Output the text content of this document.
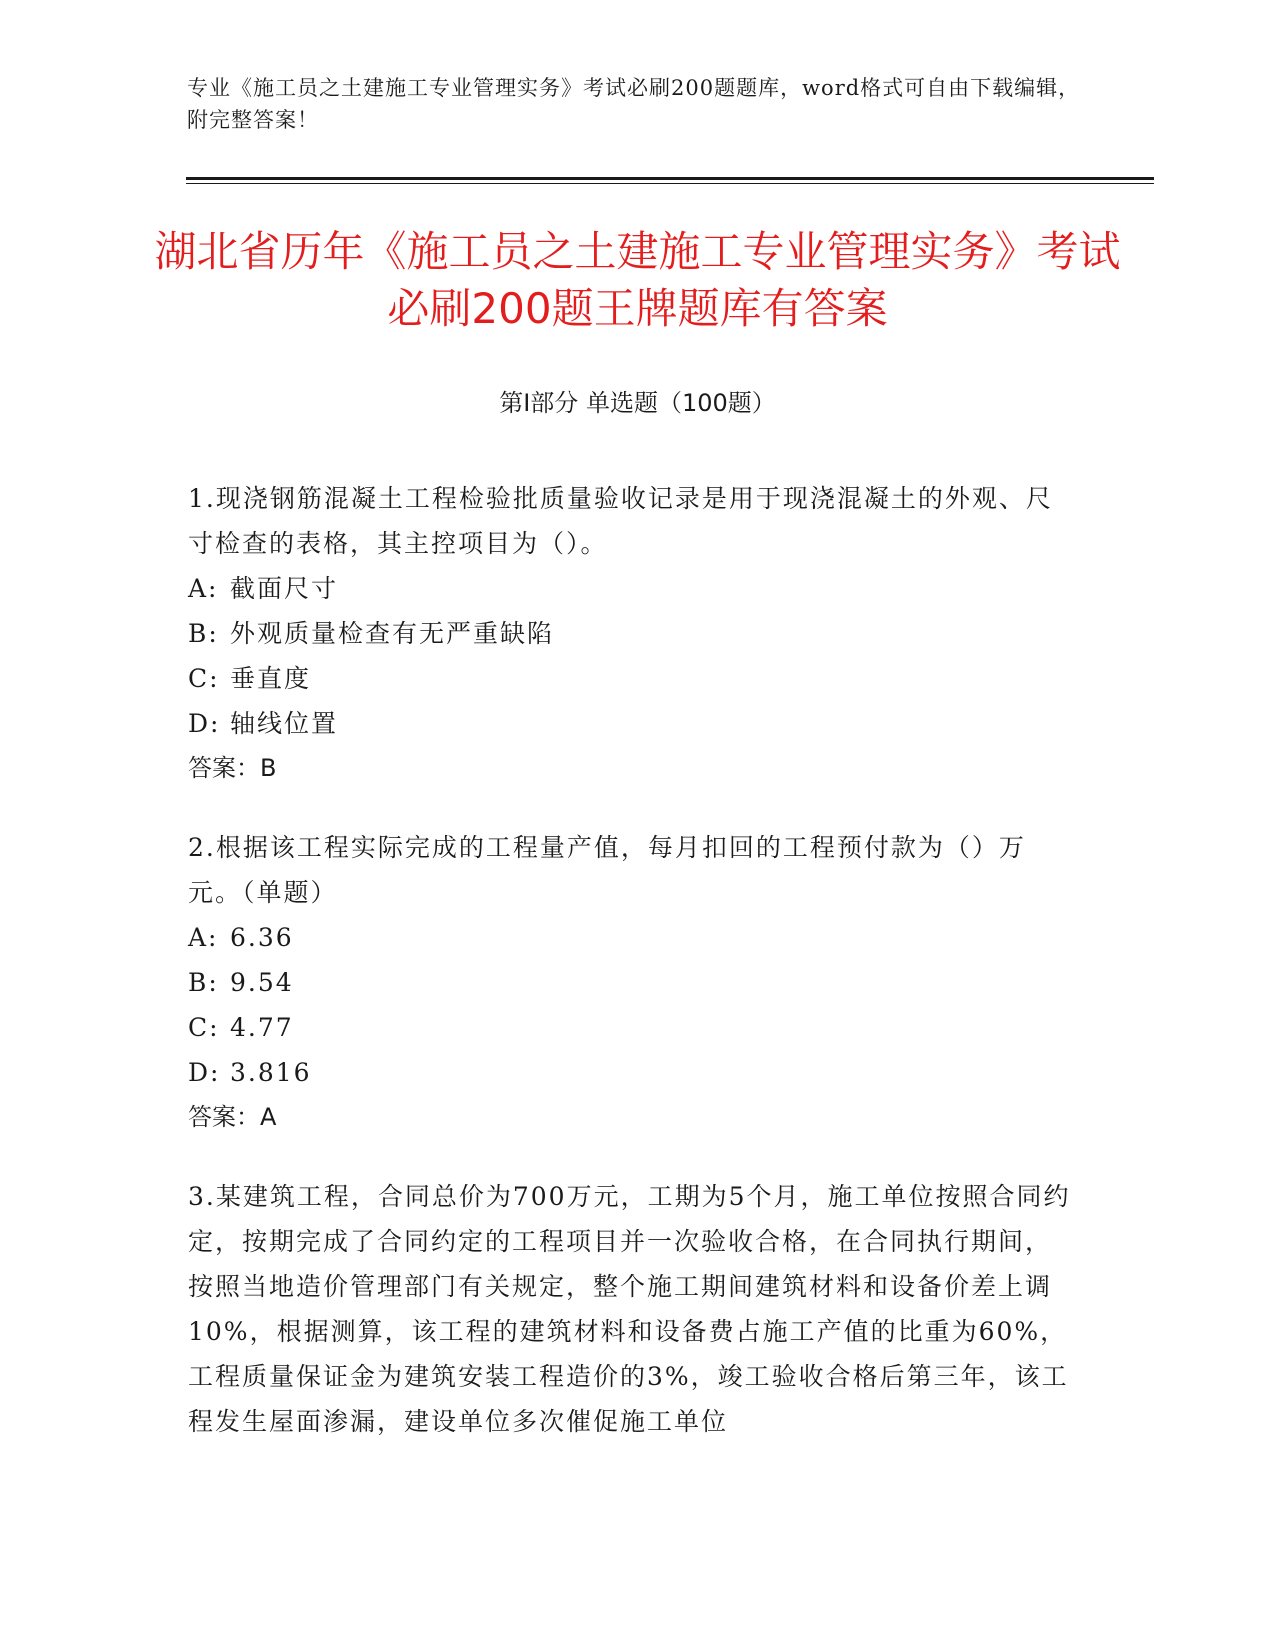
专业《施工员之土建施工专业管理实务》考试必刷200题题库，word格式可自由下载编辑，附完整答案！
湖北省历年《施工员之土建施工专业管理实务》考试必刷200题王牌题库有答案
第I部分 单选题（100题）

1.现浇钢筋混凝土工程检验批质量验收记录是用于现浇混凝土的外观、尺寸检查的表格，其主控项目为（）。

A: 截面尺寸

B: 外观质量检查有无严重缺陷

C: 垂直度

D: 轴线位置

答案：B

2.根据该工程实际完成的工程量产值，每月扣回的工程预付款为（）万元。（单题）

A: 6.36

B: 9.54

C: 4.77

D: 3.816

答案：A

3.某建筑工程，合同总价为700万元，工期为5个月，施工单位按照合同约定，按期完成了合同约定的工程项目并一次验收合格，在合同执行期间，按照当地造价管理部门有关规定，整个施工期间建筑材料和设备价差上调10%，根据测算，该工程的建筑材料和设备费占施工产值的比重为60%，工程质量保证金为建筑安装工程造价的3%，竣工验收合格后第三年，该工程发生屋面渗漏，建设单位多次催促施工单位
